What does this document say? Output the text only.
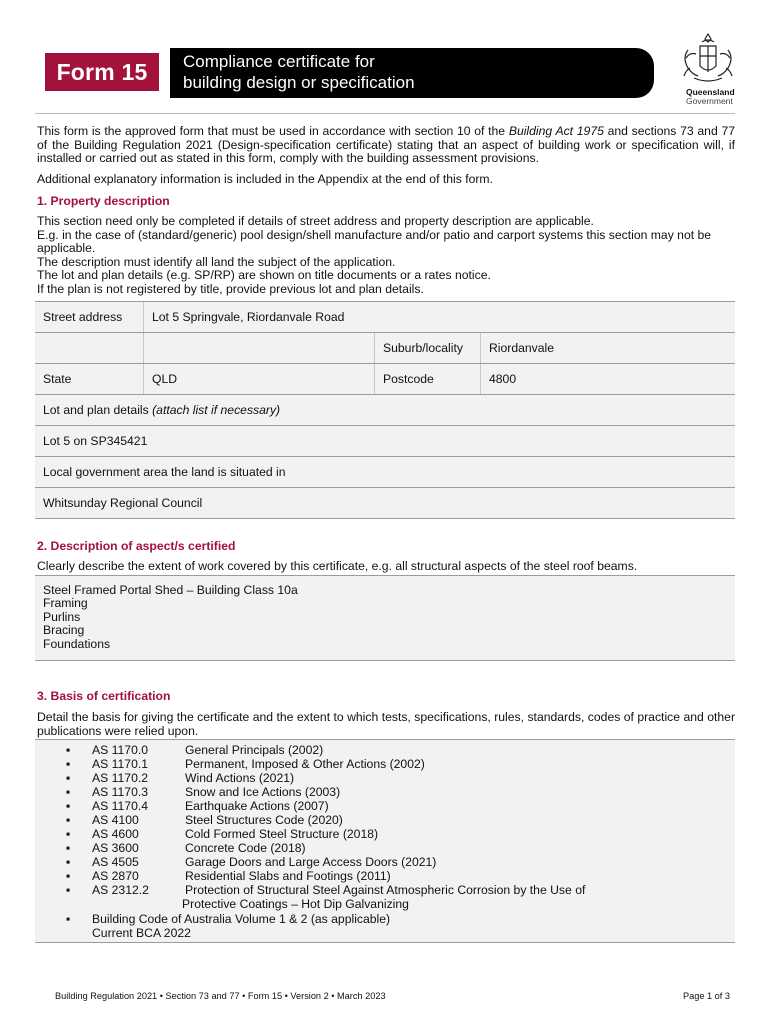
Form 15	Compliance certificate for
building design or specification	Queensland
Government
This form is the approved form that must be used in accordance with section 10 of the Building Act 1975 and sections 73 and 77 of the Building Regulation 2021 (Design-specification certificate) stating that an aspect of building work or specification will, if installed or carried out as stated in this form, comply with the building assessment provisions.
Additional explanatory information is included in the Appendix at the end of this form.
1. Property description
This section need only be completed if details of street address and property description are applicable.
E.g. in the case of (standard/generic) pool design/shell manufacture and/or patio and carport systems this section may not be applicable.
The description must identify all land the subject of the application.
The lot and plan details (e.g. SP/RP) are shown on title documents or a rates notice.
If the plan is not registered by title, provide previous lot and plan details.
Street address Lot 5 Springvale, Riordanvale Road
Suburb/locality Riordanvale
State	QLD	Postcode	4800
Lot and plan details
(attach list if necessary)
Lot 5 on SP345421
Local government area the land is situated in
Whitsunday Regional Council
2. Description of aspect/s certified
Clearly describe the extent of work covered by this certificate, e.g. all structural aspects of the steel roof beams.
Steel Framed Portal Shed – Building Class 10a
Framing
Purlins
Bracing
Foundations
3. Basis of certification
Detail the basis for giving the certificate and the extent to which tests, specifications, rules, standards, codes of practice and other publications were relied upon.
▪	AS 1170.0	General Principals (2002)
▪	AS 1170.1	Permanent, Imposed & Other Actions (2002)
▪	AS 1170.2	Wind Actions (2021)
▪	AS 1170.3	Snow and Ice Actions (2003)
▪	AS 1170.4	Earthquake Actions (2007)
▪	AS 4100	Steel Structures Code (2020)
▪	AS 4600	Cold Formed Steel Structure (2018)
▪	AS 3600	Concrete Code (2018)
▪	AS 4505	Garage Doors and Large Access Doors (2021)
▪	AS 2870	Residential Slabs and Footings (2011)
▪	AS 2312.2	Protection of Structural Steel Against Atmospheric Corrosion by the Use of
Protective Coatings – Hot Dip Galvanizing
▪	Building Code of Australia Volume 1 & 2 (as applicable)
Current BCA 2022
Building Regulation 2021 • Section 73 and 77 • Form 15 • Version 2 • March 2023	Page 1 of 3
